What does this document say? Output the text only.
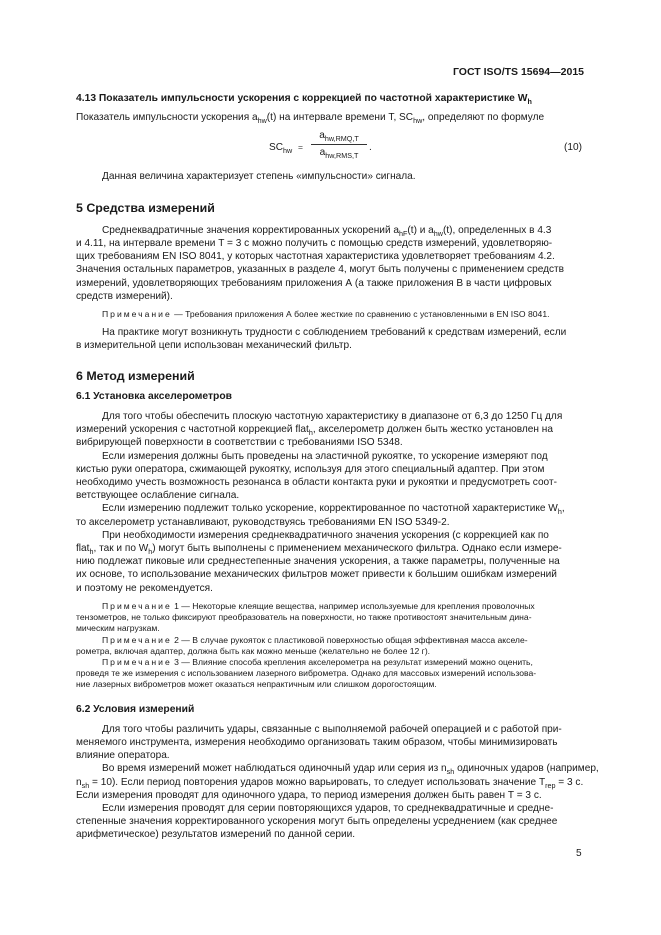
ГОСТ ISO/TS 15694—2015

4.13 Показатель импульсности ускорения с коррекцией по частотной характеристике $W_h$

Показатель импульсности ускорения $a_{hw}(t)$ на интервале времени T, $SC_{hw}$, определяют по формуле

$SC_{hw}$ =
$a_{hw,RMQ,T}$
$a_{hw,RMS,T}$
.	(10)

Данная величина характеризует степень «импульсности» сигнала.

5 Средства измерений

Среднеквадратичные значения корректированных ускорений $a_{hF}(t)$ и $a_{hw}(t)$, определенных в 4.3
и 4.11, на интервале времени T = 3 с можно получить с помощью средств измерений, удовлетворяю-
щих требованиям EN ISO 8041, у которых частотная характеристика удовлетворяет требованиям 4.2.
Значения остальных параметров, указанных в разделе 4, могут быть получены с применением средств
измерений, удовлетворяющих требованиям приложения А (а также приложения В в части цифровых
средств измерений).

Примечание — Требования приложения А более жесткие по сравнению с установленными в EN ISO 8041.

На практике могут возникнуть трудности с соблюдением требований к средствам измерений, если
в измерительной цепи использован механический фильтр.

6 Метод измерений

6.1 Установка акселерометров

Для того чтобы обеспечить плоскую частотную характеристику в диапазоне от 6,3 до 1250 Гц для
измерений ускорения с частотной коррекцией flat$_h$, акселерометр должен быть жестко установлен на
вибрирующей поверхности в соответствии с требованиями ISO 5348.

Если измерения должны быть проведены на эластичной рукоятке, то ускорение измеряют под
кистью руки оператора, сжимающей рукоятку, используя для этого специальный адаптер. При этом
необходимо учесть возможность резонанса в области контакта руки и рукоятки и предусмотреть соот-
ветствующее ослабление сигнала.

Если измерению подлежит только ускорение, корректированное по частотной характеристике $W_h$,
то акселерометр устанавливают, руководствуясь требованиями EN ISO 5349-2.

При необходимости измерения среднеквадратичного значения ускорения (с коррекцией как по
flat$_h$, так и по $W_h$) могут быть выполнены с применением механического фильтра. Однако если измере-
нию подлежат пиковые или среднестепенные значения ускорения, а также параметры, полученные на
их основе, то использование механических фильтров может привести к большим ошибкам измерений
и поэтому не рекомендуется.

Примечание 1 — Некоторые клеящие вещества, например используемые для крепления проволочных
тензометров, не только фиксируют преобразователь на поверхности, но также противостоят значительным дина-
мическим нагрузкам.

Примечание 2 — В случае рукояток с пластиковой поверхностью общая эффективная масса акселе-
рометра, включая адаптер, должна быть как можно меньше (желательно не более 12 г).

Примечание 3 — Влияние способа крепления акселерометра на результат измерений можно оценить,
проведя те же измерения с использованием лазерного виброметра. Однако для массовых измерений использова-
ние лазерных виброметров может оказаться непрактичным или слишком дорогостоящим.

6.2 Условия измерений

Для того чтобы различить удары, связанные с выполняемой рабочей операцией и с работой при-
меняемого инструмента, измерения необходимо организовать таким образом, чтобы минимизировать
влияние оператора.

Во время измерений может наблюдаться одиночный удар или серия из $n_{sh}$ одиночных ударов (например,
$n_{sh} = 10$). Если период повторения ударов можно варьировать, то следует использовать значение $T_{rep} = 3$ с.
Если измерения проводят для одиночного удара, то период измерения должен быть равен T = 3 с.

Если измерения проводят для серии повторяющихся ударов, то среднеквадратичные и средне-
степенные значения корректированного ускорения могут быть определены усреднением (как среднее
арифметическое) результатов измерений по данной серии.

5
